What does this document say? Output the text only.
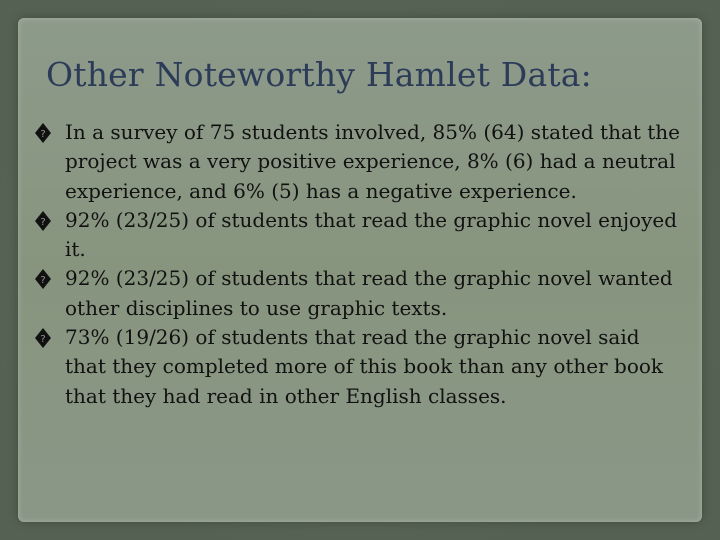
Other Noteworthy Hamlet Data:
? In a survey of 75 students involved, 85% (64) stated that the project was a very positive experience, 8% (6) had a neutral experience, and 6% (5) has a negative experience.
? 92% (23/25) of students that read the graphic novel enjoyed it.
? 92% (23/25) of students that read the graphic novel wanted other disciplines to use graphic texts.
? 73% (19/26) of students that read the graphic novel said that they completed more of this book than any other book that they had read in other English classes.
